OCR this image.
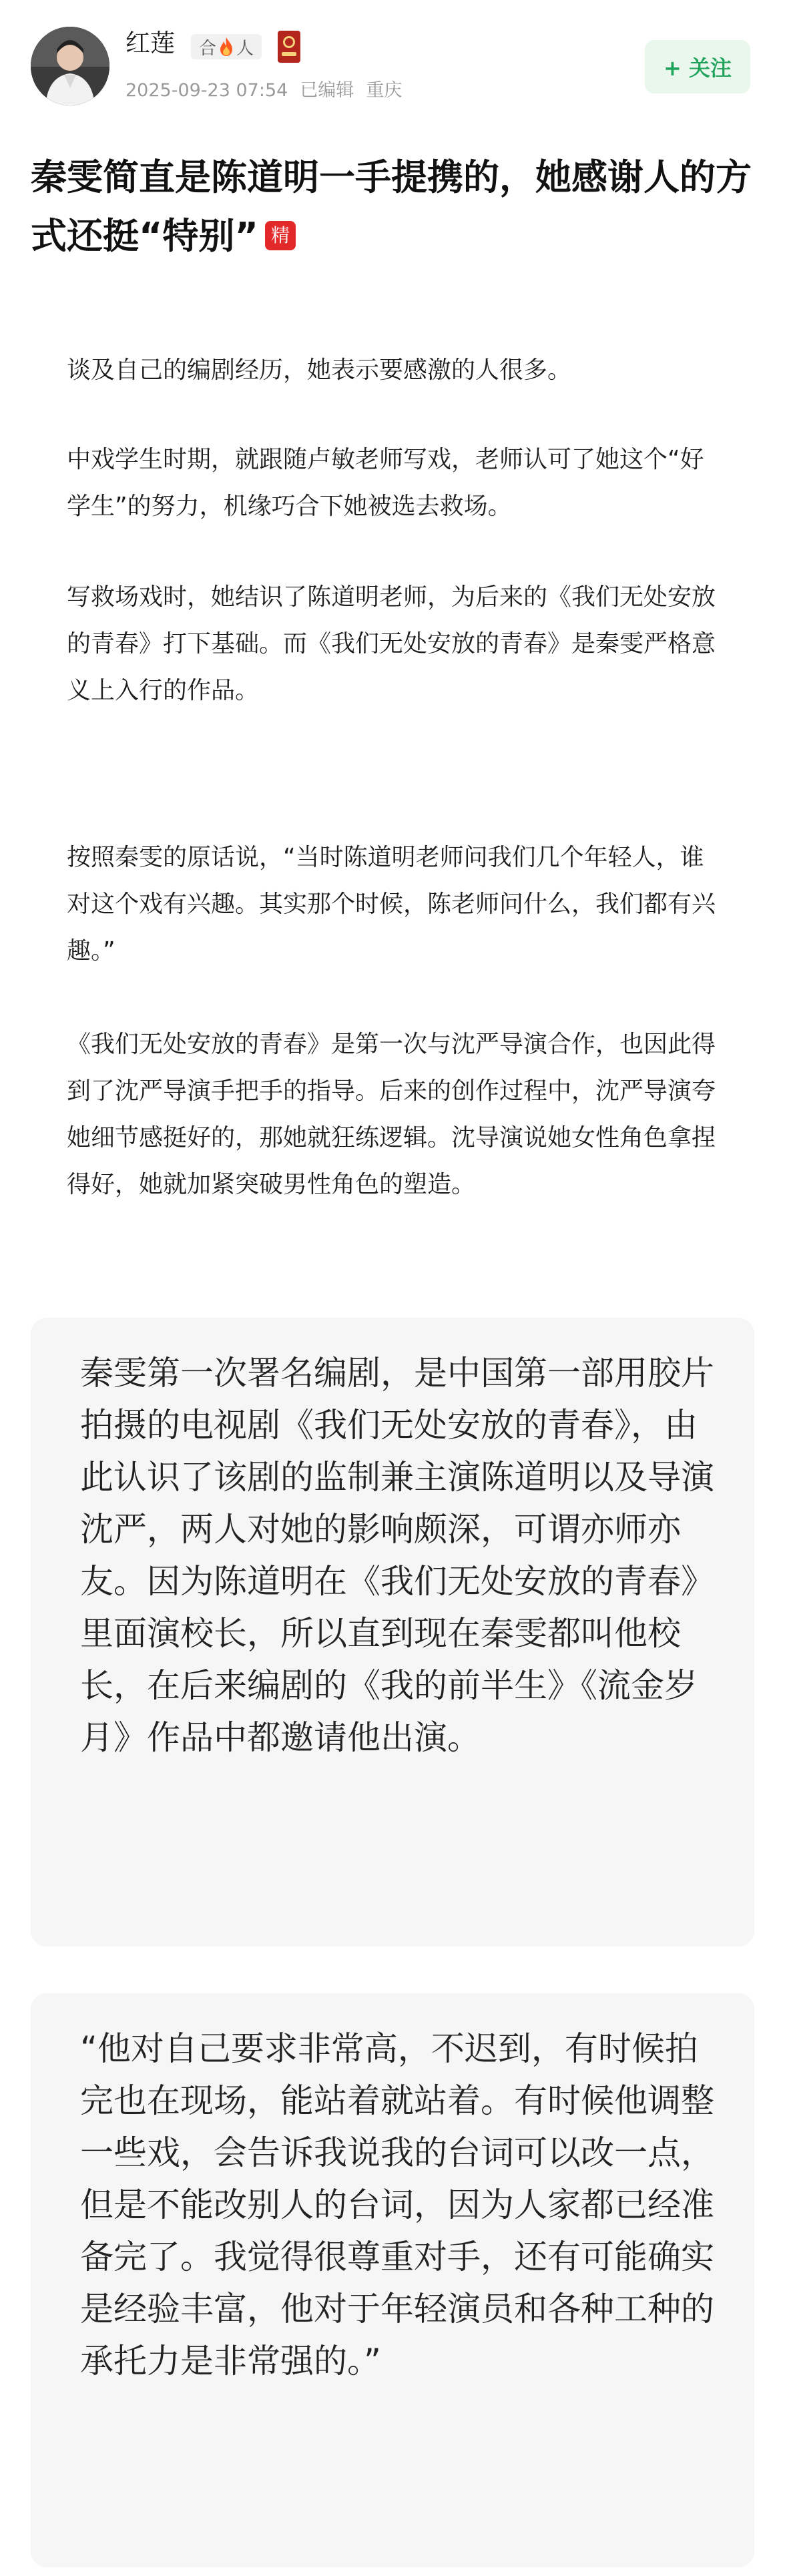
红莲 合 人
2025-09-23 07:54 已编辑 重庆
+ 关注
秦雯简直是陈道明一手提携的，她感谢人的方式还挺“特别” 精
谈及自己的编剧经历，她表示要感激的人很多。
中戏学生时期，就跟随卢敏老师写戏，老师认可了她这个“好学生”的努力，机缘巧合下她被选去救场。
写救场戏时，她结识了陈道明老师，为后来的《我们无处安放的青春》打下基础。而《我们无处安放的青春》是秦雯严格意义上入行的作品。
按照秦雯的原话说，“当时陈道明老师问我们几个年轻人，谁对这个戏有兴趣。其实那个时候，陈老师问什么，我们都有兴趣。”
《我们无处安放的青春》是第一次与沈严导演合作，也因此得到了沈严导演手把手的指导。后来的创作过程中，沈严导演夸她细节感挺好的，那她就狂练逻辑。沈导演说她女性角色拿捏得好，她就加紧突破男性角色的塑造。
秦雯第一次署名编剧，是中国第一部用胶片拍摄的电视剧《我们无处安放的青春》，由此认识了该剧的监制兼主演陈道明以及导演沈严，两人对她的影响颇深，可谓亦师亦友。因为陈道明在《我们无处安放的青春》里面演校长，所以直到现在秦雯都叫他校长，在后来编剧的《我的前半生》《流金岁月》作品中都邀请他出演。
“他对自己要求非常高，不迟到，有时候拍完也在现场，能站着就站着。有时候他调整一些戏，会告诉我说我的台词可以改一点，但是不能改别人的台词，因为人家都已经准备完了。我觉得很尊重对手，还有可能确实是经验丰富，他对于年轻演员和各种工种的承托力是非常强的。”
